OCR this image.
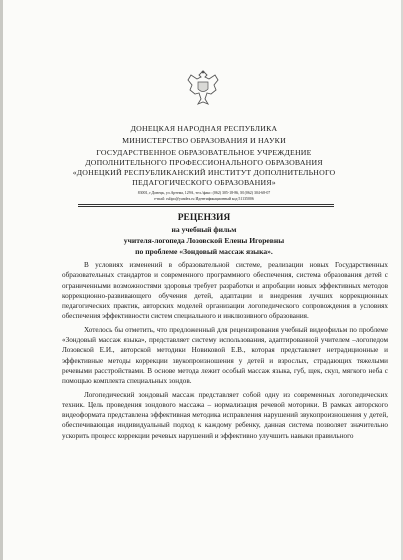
ДОНЕЦКАЯ НАРОДНАЯ РЕСПУБЛИКА
МИНИСТЕРСТВО ОБРАЗОВАНИЯ И НАУКИ
ГОСУДАРСТВЕННОЕ ОБРАЗОВАТЕЛЬНОЕ УЧРЕЖДЕНИЕ
ДОПОЛНИТЕЛЬНОГО ПРОФЕССИОНАЛЬНОГО ОБРАЗОВАНИЯ
«ДОНЕЦКИЙ РЕСПУБЛИКАНСКИЙ ИНСТИТУТ ДОПОЛНИТЕЛЬНОГО
ПЕДАГОГИЧЕСКОГО ОБРАЗОВАНИЯ»
83001, г.Донецк, ул.Артема, 129А, тел./факс: (062) 305-18-86, М (062) 304-68-07
e-mail: rulipo@yandex.ru Идентификационный код 51135006
РЕЦЕНЗИЯ
на учебный фильм
учителя-логопеда Лозовской Елены Игоревны
по проблеме «Зондовый массаж языка».

В условиях изменений в образовательной системе, реализации новых Государственных образовательных стандартов и современного программного обеспечения, система образования детей с ограниченными возможностями здоровья требует разработки и апробации новых эффективных методов коррекционно-развивающего обучения детей, адаптации и внедрения лучших коррекционных педагогических практик, авторских моделей организации логопедического сопровождения в условиях обеспечения эффективности систем специального и инклюзивного образования.

Хотелось бы отметить, что предложенный для рецензирования учебный видеофильм по проблеме «Зондовый массаж языка», представляет систему использования, адаптированной учителем –логопедом Лозовской Е.И., авторской методики Новиковой Е.В., которая представляет нетрадиционные и эффективные методы коррекции звукопроизношения у детей и взрослых, страдающих тяжелыми речевыми расстройствами. В основе метода лежит особый массаж языка, губ, щек, скул, мягкого неба с помощью комплекта специальных зондов.

Логопедический зондовый массаж представляет собой одну из современных логопедических техник. Цель проведения зондового массажа – нормализация речевой моторики. В рамках авторского видеоформата представлена эффективная методика исправления нарушений звукопроизношения у детей, обеспечивающая индивидуальный подход к каждому ребенку, данная система позволяет значительно ускорить процесс коррекции речевых нарушений и эффективно улучшить навыки правильного
